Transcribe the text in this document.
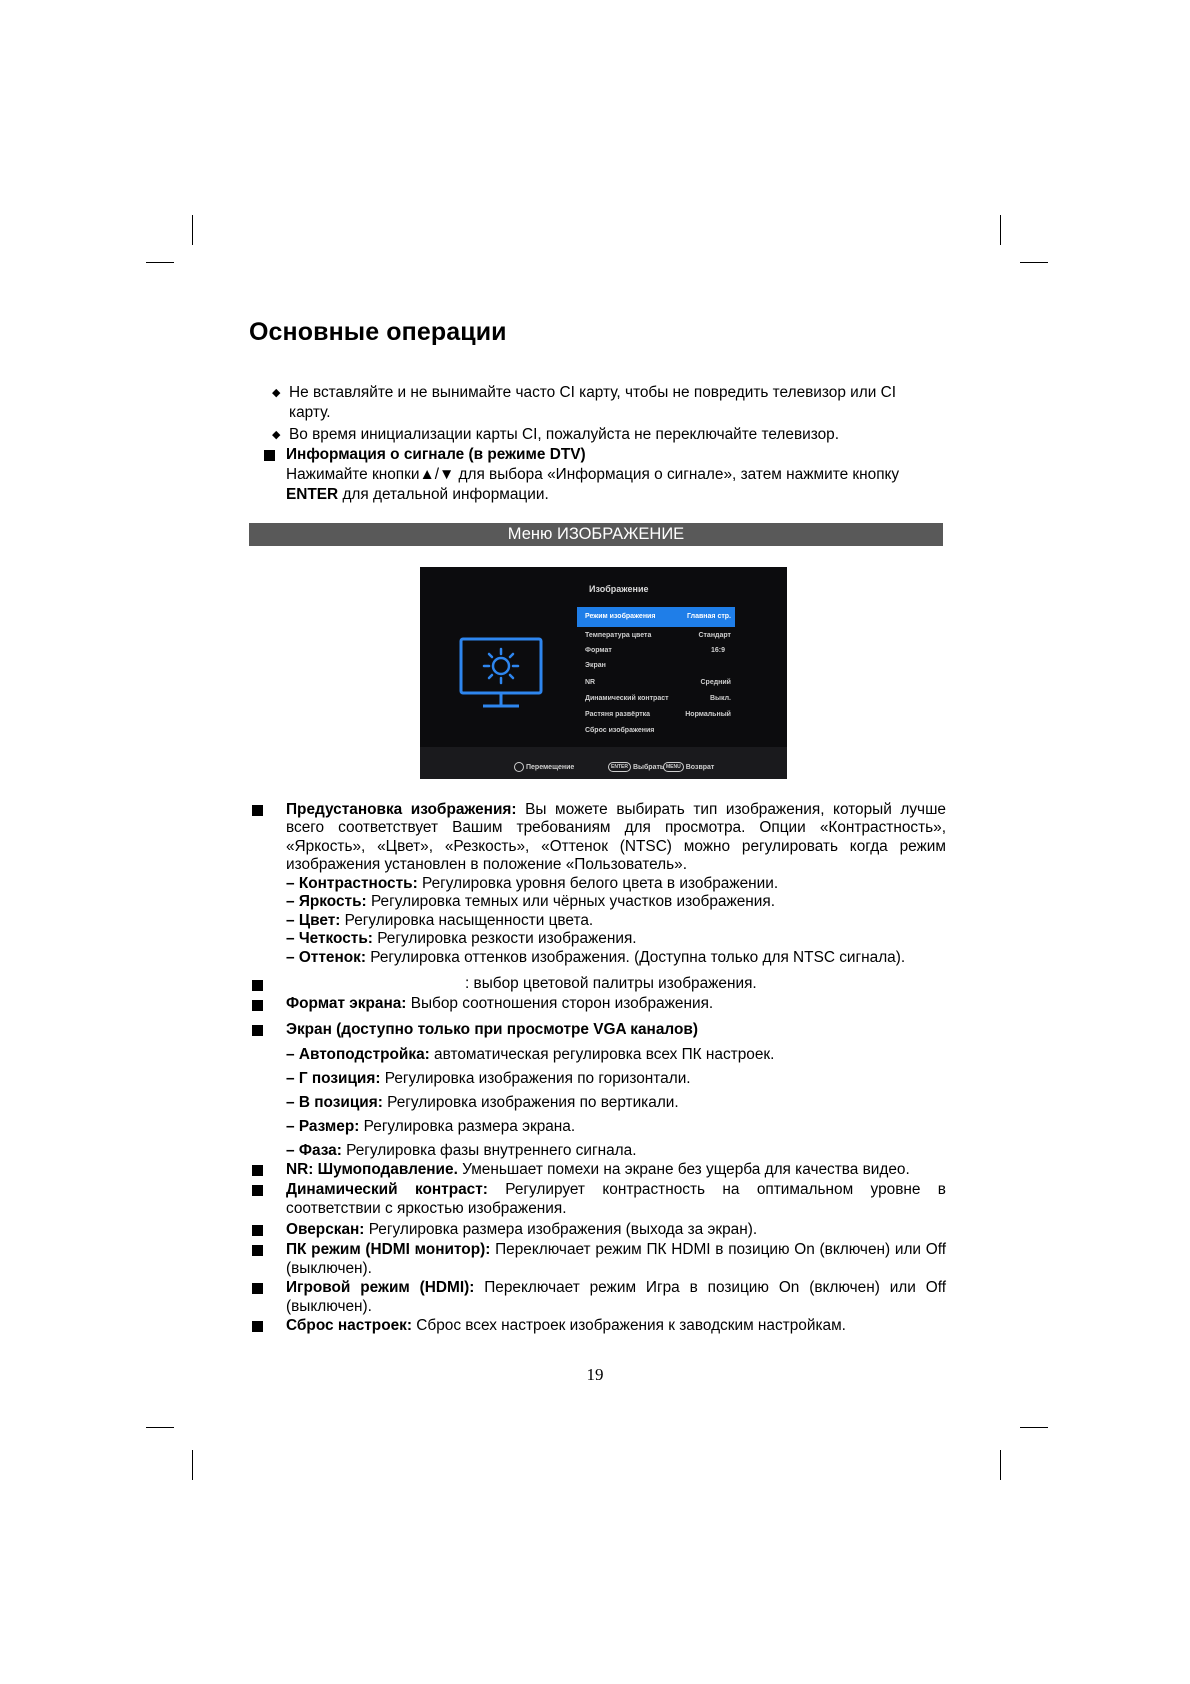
Основные операции
◆ Не вставляйте и не вынимайте часто CI карту, чтобы не повредить телевизор или CI карту.
◆ Во время инициализации карты CI, пожалуйста не переключайте телевизор.
Информация о сигнале (в режиме DTV)
Нажимайте кнопки▲/▼ для выбора «Информация о сигнале», затем нажмите кнопку ENTER для детальной информации.
Меню ИЗОБРАЖЕНИЕ
Изображение
Режим изображения	Главная стр.
Температура цвета	Стандарт
Формат	16:9
Экран
NR	Средний
Динамический контраст	Выкл.
Растяня развёртка	Нормальный
Сброс изображения
Перемещение	ENTER Выбрать MENU Возврат
Предустановка изображения: Вы можете выбирать тип изображения, который лучше всего соответствует Вашим требованиям для просмотра. Опции «Контрастность», «Яркость», «Цвет», «Резкость», «Оттенок (NTSC) можно регулировать когда режим изображения установлен в положение «Пользователь».
– Контрастность: Регулировка уровня белого цвета в изображении.
– Яркость: Регулировка темных или чёрных участков изображения.
– Цвет: Регулировка насыщенности цвета.
– Четкость: Регулировка резкости изображения.
– Оттенок: Регулировка оттенков изображения. (Доступна только для NTSC сигнала).
: выбор цветовой палитры изображения.
Формат экрана: Выбор соотношения сторон изображения.
Экран (доступно только при просмотре VGA каналов)
– Автоподстройка: автоматическая регулировка всех ПК настроек.
– Г позиция: Регулировка изображения по горизонтали.
– В позиция: Регулировка изображения по вертикали.
– Размер: Регулировка размера экрана.
– Фаза: Регулировка фазы внутреннего сигнала.
NR: Шумоподавление. Уменьшает помехи на экране без ущерба для качества видео.
Динамический контраст: Регулирует контрастность на оптимальном уровне в соответствии с яркостью изображения.
Оверскан: Регулировка размера изображения (выхода за экран).
ПК режим (HDMI монитор): Переключает режим ПК HDMI в позицию On (включен) или Off (выключен).
Игровой режим (HDMI): Переключает режим Игра в позицию On (включен) или Off (выключен).
Сброс настроек: Сброс всех настроек изображения к заводским настройкам.
19
